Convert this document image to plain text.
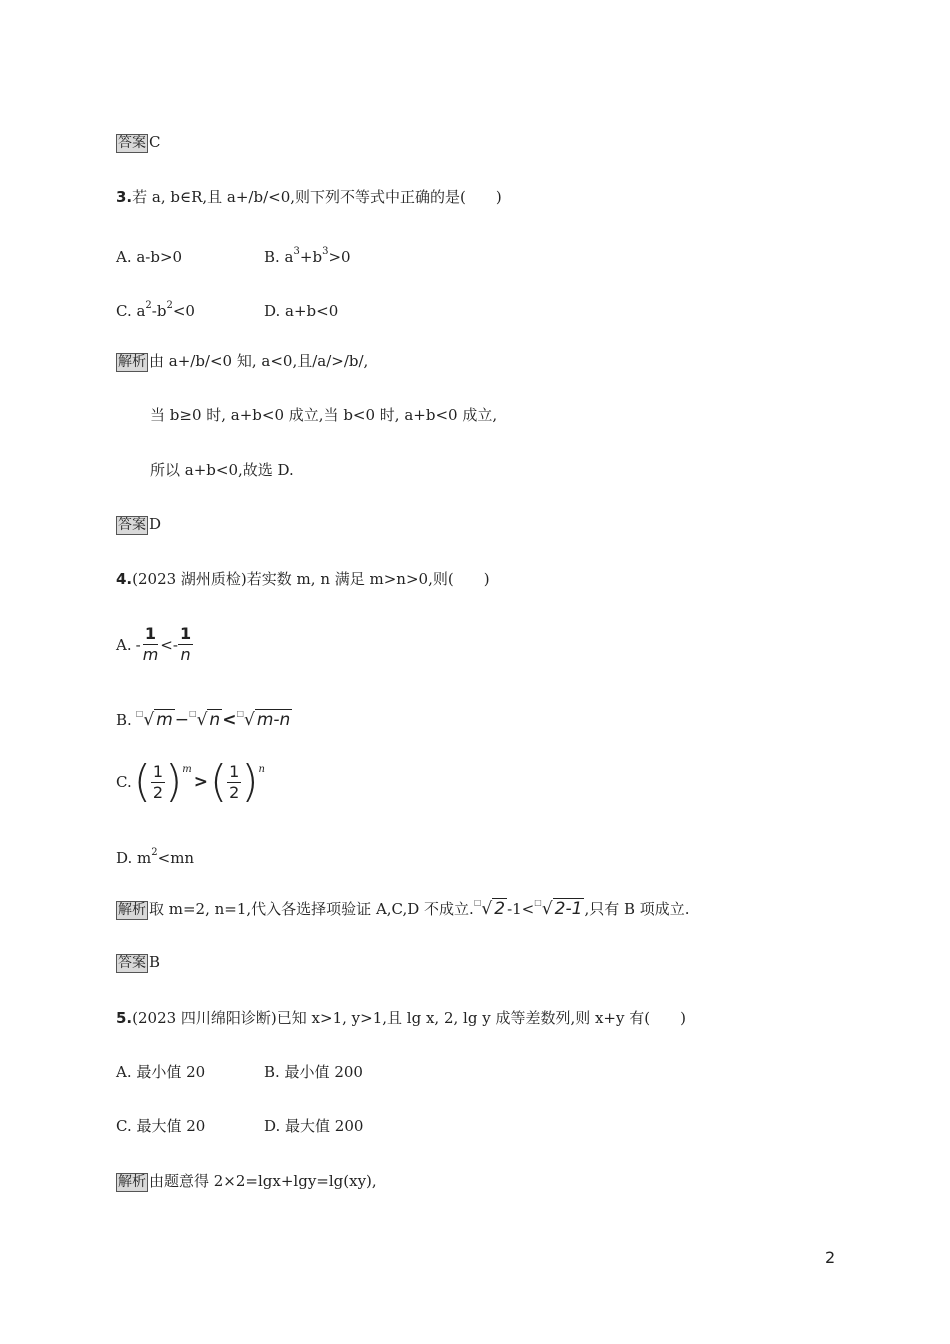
答案 C
3.若 a, b∈R,且 a+/b/<0,则下列不等式中正确的是(　　)
A. a-b>0	B. $a^3+b^3>0$
C. $a^2-b^2<0$	D. a+b<0
解析 由 a+/b/<0 知, a<0,且/a/>/b/,
当 b≥0 时, a+b<0 成立,当 b<0 时, a+b<0 成立,
所以 a+b<0,故选 D.
答案 D
4.(2023 湖州质检)若实数 m, n 满足 m>n>0,则(　　)
A. - $\frac{1}{m}$ < - $\frac{1}{n}$
B. □√ m −□√ n <□√ m-n
C. ( $\frac{1}{2}$ ) m
> ( $\frac{1}{2}$ ) n
D. $m^2<mn$
解析 取 m=2, n=1,代入各选择项验证 A,C,D 不成立.□√ 2 -1<□√ 2-1 ,只有 B 项成立.
答案 B
5.(2023 四川绵阳诊断)已知 x>1, y>1,且 lg x, 2, lg y 成等差数列,则 x+y 有(　　)
A. 最小值 20	B. 最小值 200
C. 最大值 20	D. 最大值 200
解析 由题意得 2×2=lgx+lgy=lg(xy),
2
